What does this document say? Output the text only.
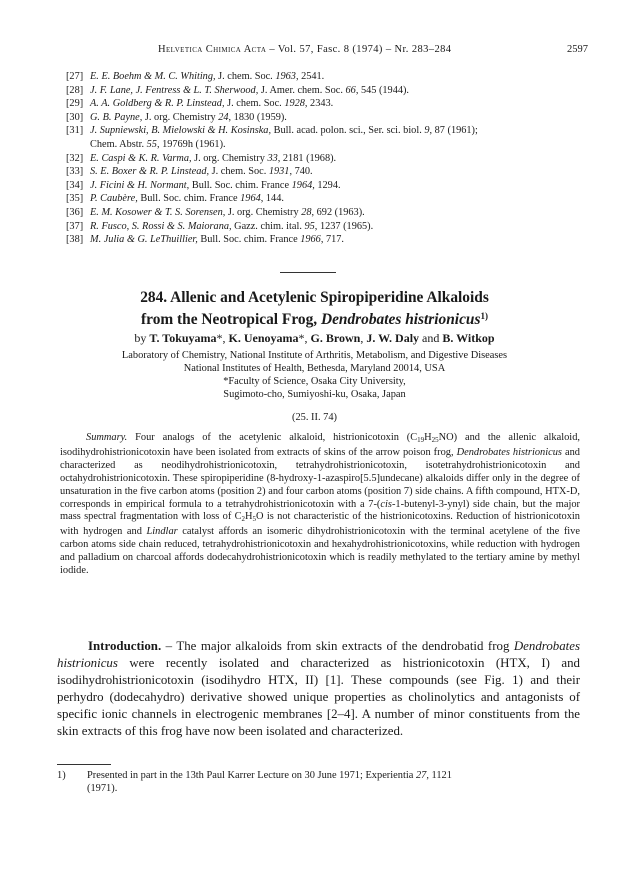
Helvetica Chimica Acta – Vol. 57, Fasc. 8 (1974) – Nr. 283–284	2597
[27] E. E. Boehm & M. C. Whiting, J. chem. Soc. 1963, 2541.
[28] J. F. Lane, J. Fentress & L. T. Sherwood, J. Amer. chem. Soc. 66, 545 (1944).
[29] A. A. Goldberg & R. P. Linstead, J. chem. Soc. 1928, 2343.
[30] G. B. Payne, J. org. Chemistry 24, 1830 (1959).
[31] J. Supniewski, B. Mielowski & H. Kosinska, Bull. acad. polon. sci., Ser. sci. biol. 9, 87 (1961);
Chem. Abstr. 55, 19769h (1961).
[32] E. Caspi & K. R. Varma, J. org. Chemistry 33, 2181 (1968).
[33] S. E. Boxer & R. P. Linstead, J. chem. Soc. 1931, 740.
[34] J. Ficini & H. Normant, Bull. Soc. chim. France 1964, 1294.
[35] P. Caubère, Bull. Soc. chim. France 1964, 144.
[36] E. M. Kosower & T. S. Sorensen, J. org. Chemistry 28, 692 (1963).
[37] R. Fusco, S. Rossi & S. Maiorana, Gazz. chim. ital. 95, 1237 (1965).
[38] M. Julia & G. LeThuillier, Bull. Soc. chim. France 1966, 717.
284. Allenic and Acetylenic Spiropiperidine Alkaloids
from the Neotropical Frog, Dendrobates histrionicus$^{1)}$
by T. Tokuyama*, K. Uenoyama*, G. Brown, J. W. Daly and B. Witkop
Laboratory of Chemistry, National Institute of Arthritis, Metabolism, and Digestive Diseases
National Institutes of Health, Bethesda, Maryland 20014, USA
*Faculty of Science, Osaka City University,
Sugimoto-cho, Sumiyoshi-ku, Osaka, Japan
(25. II. 74)
Summary. Four analogs of the acetylenic alkaloid, histrionicotoxin $(C_{19}H_{25}NO)$ and the allenic alkaloid, isodihydrohistrionicotoxin have been isolated from extracts of skins of the arrow poison frog, Dendrobates histrionicus and characterized as neodihydrohistrionicotoxin, tetrahydrohistrionicotoxin, isotetrahydrohistrionicotoxin and octahydrohistrionicotoxin. These spiropiperidine (8-hydroxy-1-azaspiro[5.5]undecane) alkaloids differ only in the degree of unsaturation in the five carbon atoms (position 2) and four carbon atoms (position 7) side chains. A fifth compound, HTX-D, corresponds in empirical formula to a tetrahydrohistrionicotoxin with a 7-(cis-1-butenyl-3-ynyl) side chain, but the major mass spectral fragmentation with loss of $C_2H_5O$ is not characteristic of the histrionicotoxins. Reduction of histrionicotoxin with hydrogen and Lindlar catalyst affords an isomeric dihydrohistrionicotoxin with the terminal acetylene of the five carbon atoms side chain reduced, tetrahydrohistrionicotoxin and hexahydrohistrionicotoxins, while reduction with hydrogen and palladium on charcoal affords dodecahydrohistrionicotoxin which is readily methylated to the tertiary amine by methyl iodide.
Introduction. – The major alkaloids from skin extracts of the dendrobatid frog Dendrobates histrionicus were recently isolated and characterized as histrionicotoxin (HTX, I) and isodihydrohistrionicotoxin (isodihydro HTX, II) [1]. These compounds (see Fig. 1) and their perhydro (dodecahydro) derivative showed unique properties as cholinolytics and antagonists of specific ionic channels in electrogenic membranes [2–4]. A number of minor constituents from the skin extracts of this frog have now been isolated and characterized.
1) Presented in part in the 13th Paul Karrer Lecture on 30 June 1971; Experientia 27, 1121
(1971).
